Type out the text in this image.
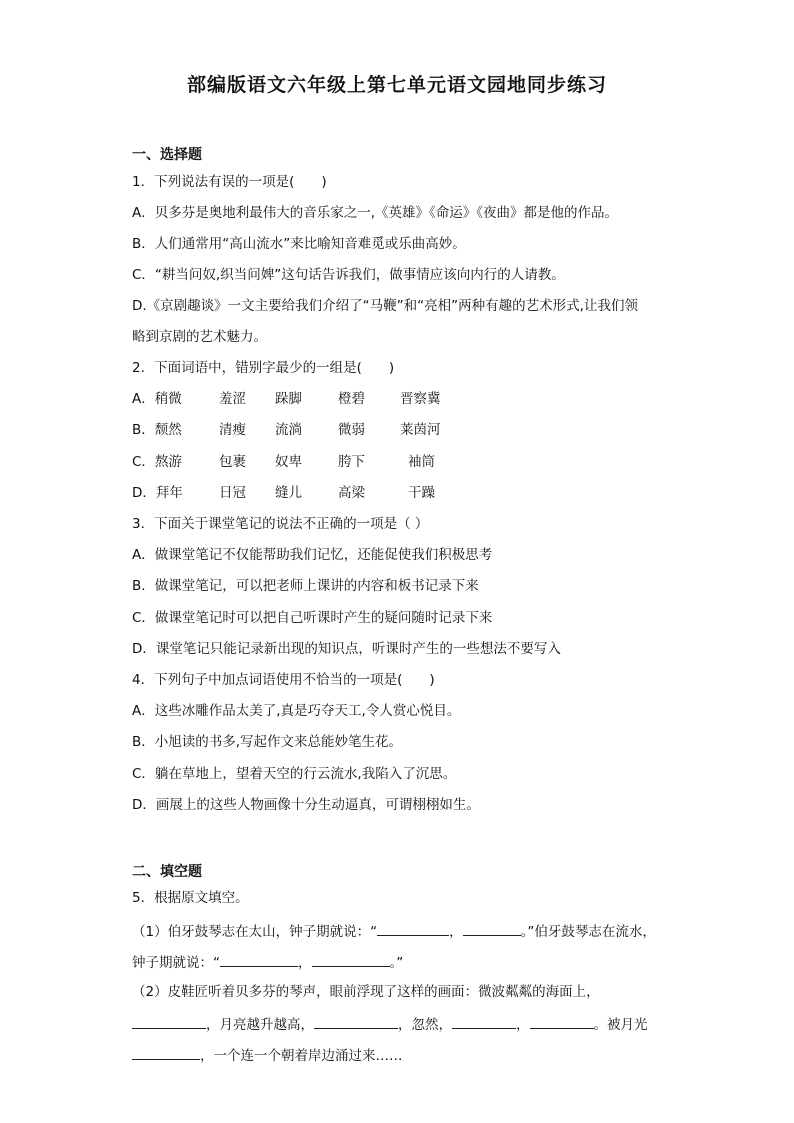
部编版语文六年级上第七单元语文园地同步练习
一、选择题
1．下列说法有误的一项是(　　)
A．贝多芬是奥地利最伟大的音乐家之一,《英雄》《命运》《夜曲》都是他的作品。
B．人们通常用“高山流水”来比喻知音难觅或乐曲高妙。
C．“耕当问奴,织当问婢”这句话告诉我们，做事情应该向内行的人请教。
D.《京剧趣谈》一文主要给我们介绍了“马鞭”和“亮相”两种有趣的艺术形式,让我们领
略到京剧的艺术魅力。
2．下面词语中，错别字最少的一组是(　　)
A．稍微	羞涩 跺脚	橙碧	晋察冀
B．颓然	清瘦 流淌	微弱	莱茵河
C．熬游	包裹 奴卑	胯下	袖筒
D．拜年	日冠 缝儿	高梁	干躁
3．下面关于课堂笔记的说法不正确的一项是（ ）
A．做课堂笔记不仅能帮助我们记忆，还能促使我们积极思考
B．做课堂笔记，可以把老师上课讲的内容和板书记录下来
C．做课堂笔记时可以把自己听课时产生的疑问随时记录下来
D．课堂笔记只能记录新出现的知识点，听课时产生的一些想法不要写入
4．下列句子中加点词语使用不恰当的一项是(　　)
A．这些冰雕作品太美了,真是巧夺天工,令人赏心悦目。
B．小旭读的书多,写起作文来总能妙笔生花。
C．躺在草地上，望着天空的行云流水,我陷入了沉思。
D．画展上的这些人物画像十分生动逼真，可谓栩栩如生。
二、填空题
5．根据原文填空。
（1）伯牙鼓琴志在太山，钟子期就说：“	，	。”伯牙鼓琴志在流水，
钟子期就说：“	，	。”
（2）皮鞋匠听着贝多芬的琴声，眼前浮现了这样的画面：微波粼粼的海面上，
，月亮越升越高，	，忽然，	，	。被月光
，一个连一个朝着岸边涌过来……
